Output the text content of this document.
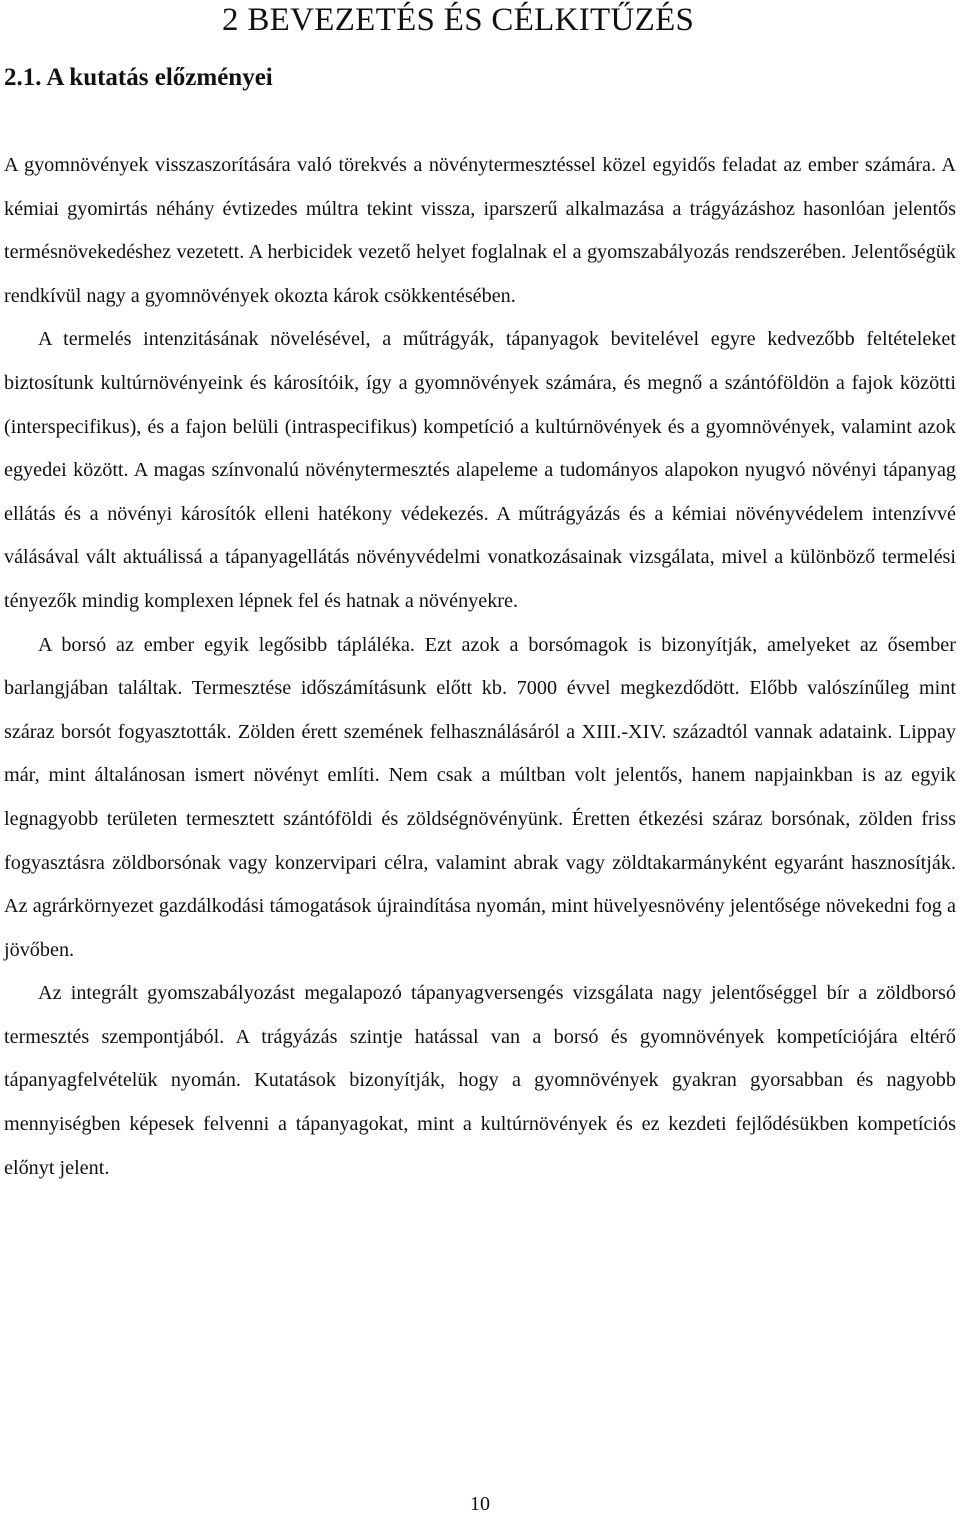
2 BEVEZETÉS ÉS CÉLKITŰZÉS
2.1. A kutatás előzményei

A gyomnövények visszaszorítására való törekvés a növénytermesztéssel közel egyidős feladat az ember számára. A kémiai gyomirtás néhány évtizedes múltra tekint vissza, iparszerű alkalmazása a trágyázáshoz hasonlóan jelentős termésnövekedéshez vezetett. A herbicidek vezető helyet foglalnak el a gyomszabályozás rendszerében. Jelentőségük rendkívül nagy a gyomnövények okozta károk csökkentésében.

A termelés intenzitásának növelésével, a műtrágyák, tápanyagok bevitelével egyre kedvezőbb feltételeket biztosítunk kultúrnövényeink és károsítóik, így a gyomnövények számára, és megnő a szántóföldön a fajok közötti (interspecifikus), és a fajon belüli (intraspecifikus) kompetíció a kultúrnövények és a gyomnövények, valamint azok egyedei között. A magas színvonalú növénytermesztés alapeleme a tudományos alapokon nyugvó növényi tápanyag ellátás és a növényi károsítók elleni hatékony védekezés. A műtrágyázás és a kémiai növényvédelem intenzívvé válásával vált aktuálissá a tápanyagellátás növényvédelmi vonatkozásainak vizsgálata, mivel a különböző termelési tényezők mindig komplexen lépnek fel és hatnak a növényekre.

A borsó az ember egyik legősibb tápláléka. Ezt azok a borsómagok is bizonyítják, amelyeket az ősember barlangjában találtak. Termesztése időszámításunk előtt kb. 7000 évvel megkezdődött. Előbb valószínűleg mint száraz borsót fogyasztották. Zölden érett szemének felhasználásáról a XIII.-XIV. századtól vannak adataink. Lippay már, mint általánosan ismert növényt említi. Nem csak a múltban volt jelentős, hanem napjainkban is az egyik legnagyobb területen termesztett szántóföldi és zöldségnövényünk. Éretten étkezési száraz borsónak, zölden friss fogyasztásra zöldborsónak vagy konzervipari célra, valamint abrak vagy zöldtakarmányként egyaránt hasznosítják. Az agrárkörnyezet gazdálkodási támogatások újraindítása nyomán, mint hüvelyesnövény jelentősége növekedni fog a jövőben.

Az integrált gyomszabályozást megalapozó tápanyagversengés vizsgálata nagy jelentőséggel bír a zöldborsó termesztés szempontjából. A trágyázás szintje hatással van a borsó és gyomnövények kompetíciójára eltérő tápanyagfelvételük nyomán. Kutatások bizonyítják, hogy a gyomnövények gyakran gyorsabban és nagyobb mennyiségben képesek felvenni a tápanyagokat, mint a kultúrnövények és ez kezdeti fejlődésükben kompetíciós előnyt jelent.

10
